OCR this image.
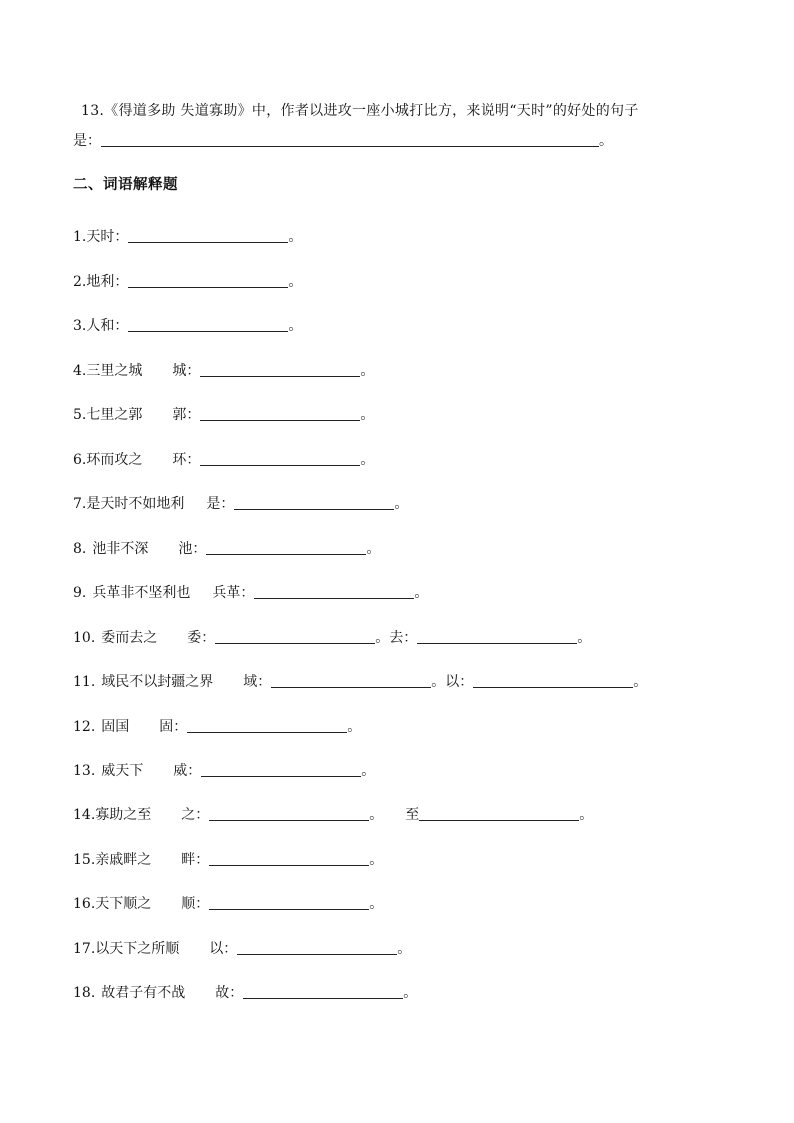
13.《得道多助 失道寡助》中，作者以进攻一座小城打比方，来说明“天时”的好处的句子
是：	。
二、词语解释题
1.天时：	。
2.地利：	。
3.人和：	。
4.三里之城 城：	。
5.七里之郭 郭：	。
6.环而攻之 环：	。
7.是天时不如地利 是：	。
8. 池非不深 池：	。
9. 兵革非不坚利也 兵革：	。
10. 委而去之 委：	。去：	。
11. 域民不以封疆之界 域：	。以：	。
12. 固国 固：	。
13. 威天下 威：	。
14.寡助之至 之：	。 至	。
15.亲戚畔之 畔：	。
16.天下顺之 顺：	。
17.以天下之所顺 以：	。
18. 故君子有不战 故：	。
